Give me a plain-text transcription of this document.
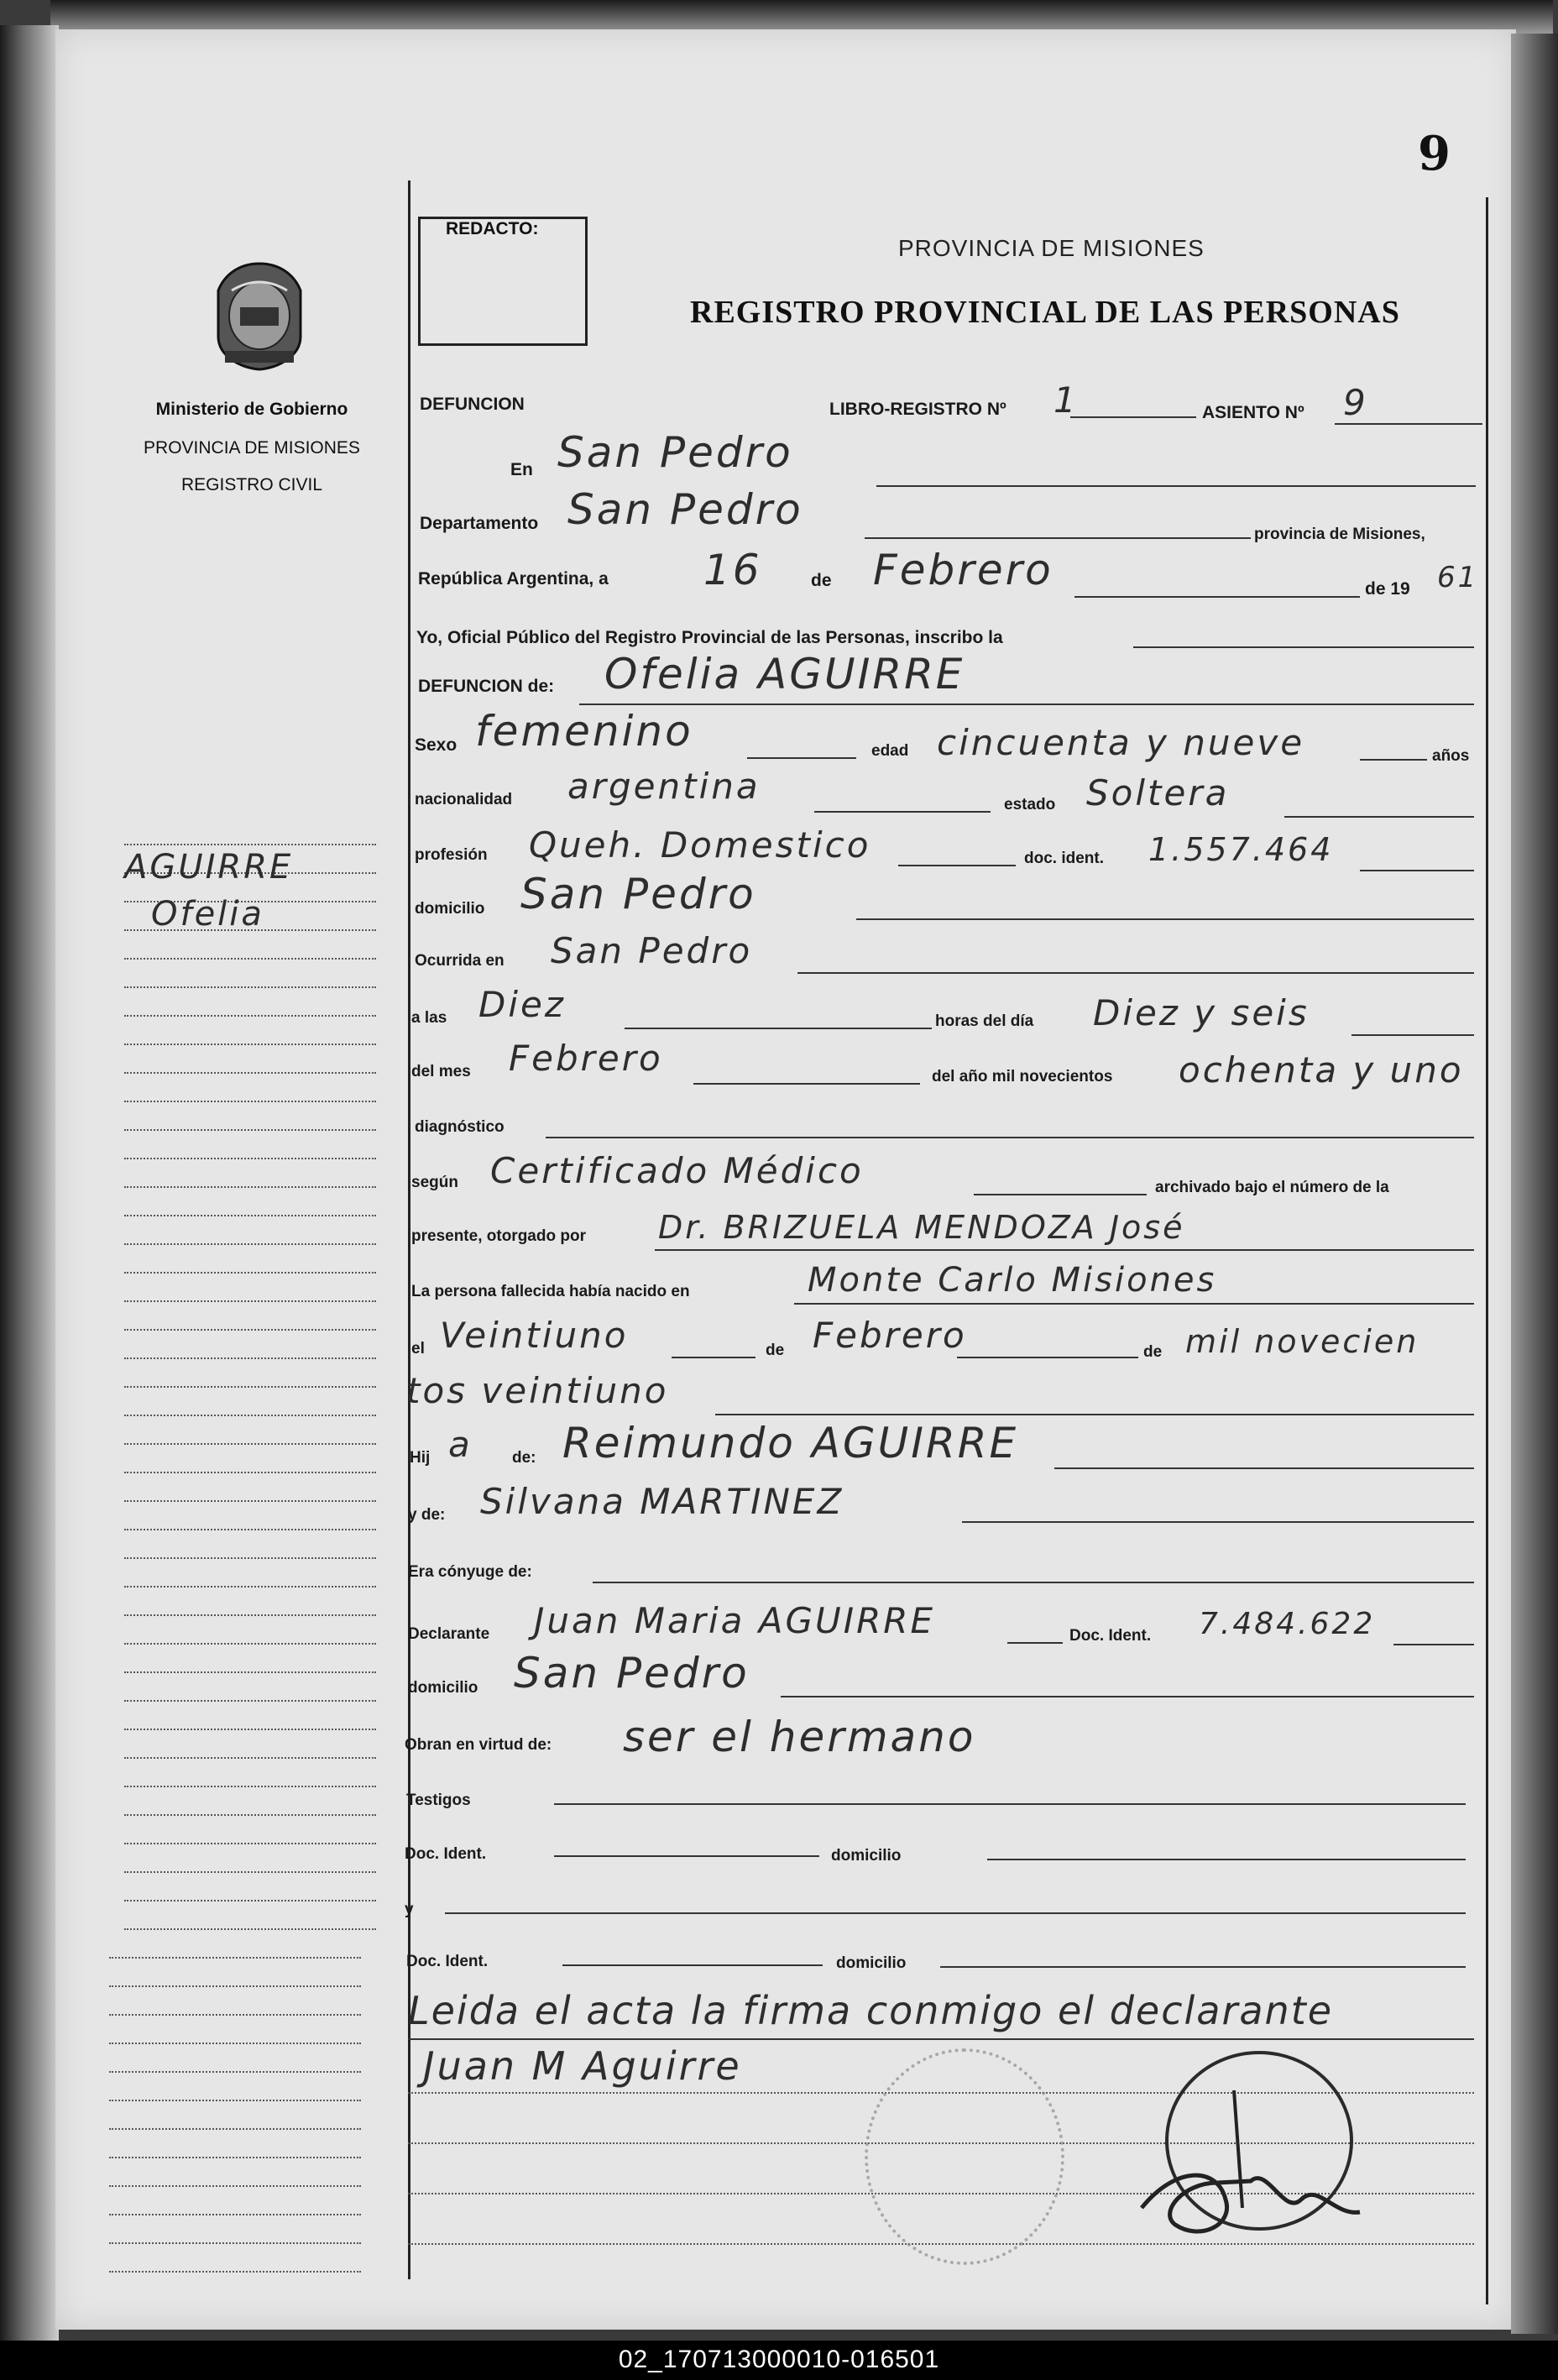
9
REDACTO:
PROVINCIA DE MISIONES
REGISTRO PROVINCIAL DE LAS PERSONAS
Ministerio de Gobierno
PROVINCIA DE MISIONES
REGISTRO CIVIL
AGUIRRE
Ofelia
DEFUNCION	LIBRO-REGISTRO Nº 1	ASIENTO Nº 9
En San Pedro
Departamento San Pedro
provincia de Misiones,
República Argentina, a 16	de Febrero	de 19 61
Yo, Oficial Público del Registro Provincial de las Personas, inscribo la
DEFUNCION de: Ofelia AGUIRRE
Sexo femenino	edad cincuenta y nueve	años
nacionalidad argentina	estado Soltera
profesión Queh. Domestico	doc. ident. 1.557.464
domicilio San Pedro
Ocurrida en San Pedro
a las Diez	horas del día Diez y seis
del mes Febrero	del año mil novecientos ochenta y uno
diagnóstico
según Certificado Médico	archivado bajo el número de la
presente, otorgado por Dr. BRIZUELA MENDOZA José
La persona fallecida había nacido en	Monte Carlo Misiones
el Veintiuno	de Febrero	de mil novecien
tos veintiuno
Hij a de: Reimundo AGUIRRE
y de: Silvana MARTINEZ
Era cónyuge de:
Declarante Juan Maria AGUIRRE	Doc. Ident. 7.484.622
domicilio San Pedro
Obran en virtud de: ser el hermano
Testigos
Doc. Ident.	domicilio
y
Doc. Ident.	domicilio
Leida el acta la firma conmigo el declarante
Juan M Aguirre
02_170713000010-016501
